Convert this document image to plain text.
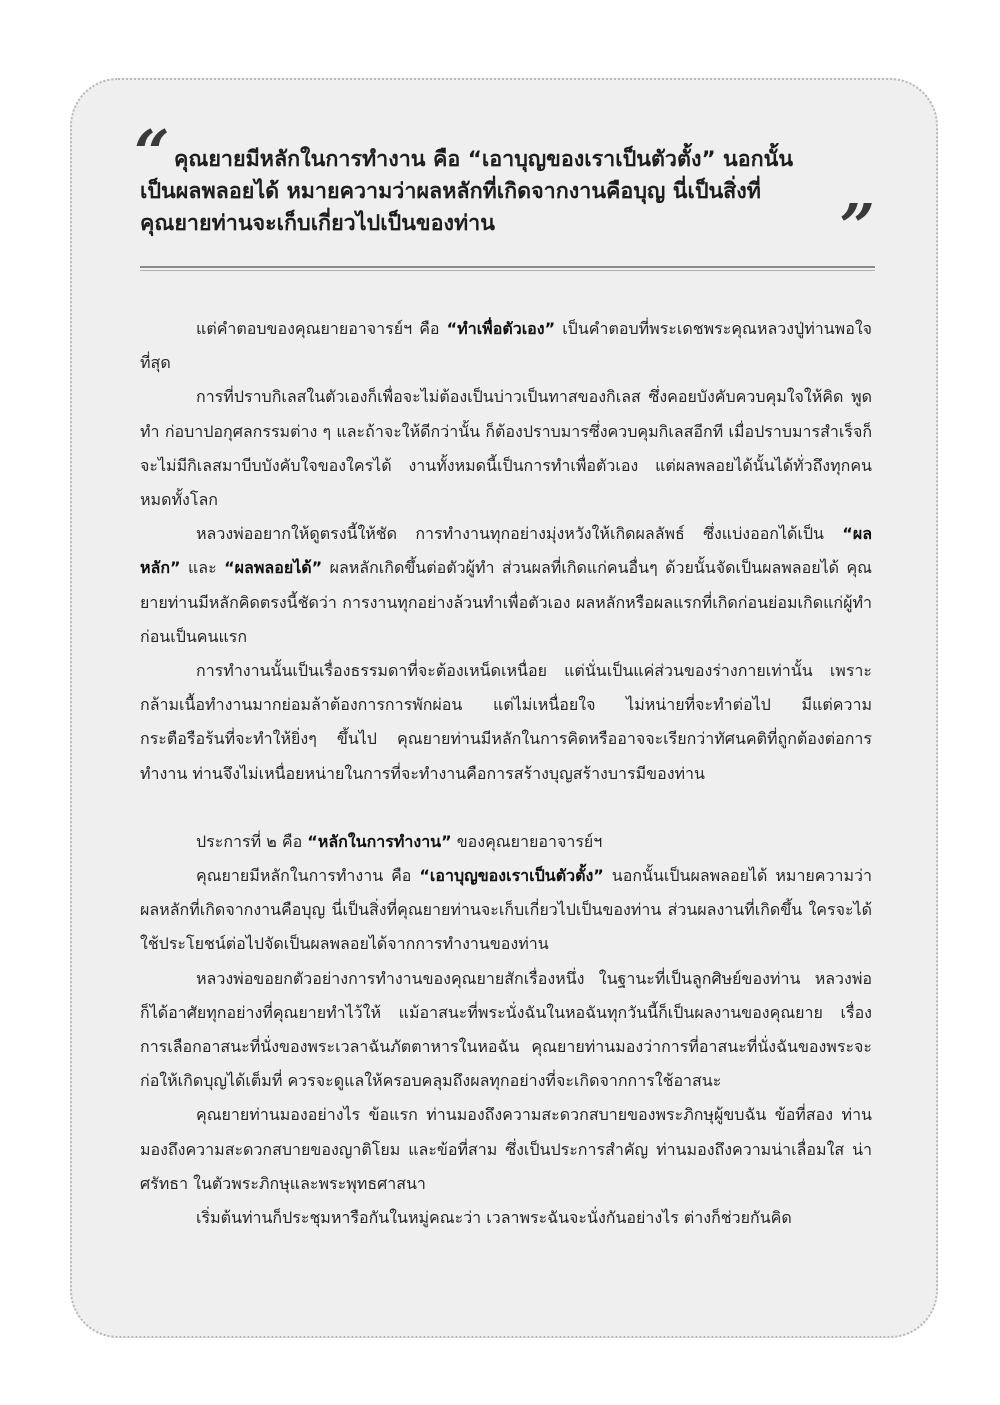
“ คุณยายมีหลักในการทำงาน คือ “เอาบุญของเราเป็นตัวตั้ง” นอกนั้น
เป็นผลพลอยได้ หมายความว่าผลหลักที่เกิดจากงานคือบุญ นี่เป็นสิ่งที่
คุณยายท่านจะเก็บเกี่ยวไปเป็นของท่าน	”

แต่คำตอบของคุณยายอาจารย์ฯ คือ “ทำเพื่อตัวเอง” เป็นคำตอบที่พระเดชพระคุณหลวงปู่ท่านพอใจที่สุด

การที่ปราบกิเลสในตัวเองก็เพื่อจะไม่ต้องเป็นบ่าวเป็นทาสของกิเลส ซึ่งคอยบังคับควบคุมใจให้คิด พูด ทำ ก่อบาปอกุศลกรรมต่าง ๆ และถ้าจะให้ดีกว่านั้น ก็ต้องปราบมารซึ่งควบคุมกิเลสอีกที เมื่อปราบมารสำเร็จก็จะไม่มีกิเลสมาบีบบังคับใจของใครได้ งานทั้งหมดนี้เป็นการทำเพื่อตัวเอง แต่ผลพลอยได้นั้นได้ทั่วถึงทุกคนหมดทั้งโลก

หลวงพ่ออยากให้ดูตรงนี้ให้ชัด การทำงานทุกอย่างมุ่งหวังให้เกิดผลลัพธ์ ซึ่งแบ่งออกได้เป็น “ผลหลัก” และ “ผลพลอยได้” ผลหลักเกิดขึ้นต่อตัวผู้ทำ ส่วนผลที่เกิดแก่คนอื่นๆ ด้วยนั้นจัดเป็นผลพลอยได้ คุณยายท่านมีหลักคิดตรงนี้ชัดว่า การงานทุกอย่างล้วนทำเพื่อตัวเอง ผลหลักหรือผลแรกที่เกิดก่อนย่อมเกิดแก่ผู้ทำก่อนเป็นคนแรก

การทำงานนั้นเป็นเรื่องธรรมดาที่จะต้องเหน็ดเหนื่อย แต่นั่นเป็นแค่ส่วนของร่างกายเท่านั้น เพราะกล้ามเนื้อทำงานมากย่อมล้าต้องการการพักผ่อน แต่ไม่เหนื่อยใจ ไม่หน่ายที่จะทำต่อไป มีแต่ความกระตือรือร้นที่จะทำให้ยิ่งๆ ขึ้นไป คุณยายท่านมีหลักในการคิดหรืออาจจะเรียกว่าทัศนคติที่ถูกต้องต่อการทำงาน ท่านจึงไม่เหนื่อยหน่ายในการที่จะทำงานคือการสร้างบุญสร้างบารมีของท่าน

ประการที่ ๒ คือ “หลักในการทำงาน” ของคุณยายอาจารย์ฯ

คุณยายมีหลักในการทำงาน คือ “เอาบุญของเราเป็นตัวตั้ง” นอกนั้นเป็นผลพลอยได้ หมายความว่าผลหลักที่เกิดจากงานคือบุญ นี่เป็นสิ่งที่คุณยายท่านจะเก็บเกี่ยวไปเป็นของท่าน ส่วนผลงานที่เกิดขึ้น ใครจะได้ใช้ประโยชน์ต่อไปจัดเป็นผลพลอยได้จากการทำงานของท่าน

หลวงพ่อขอยกตัวอย่างการทำงานของคุณยายสักเรื่องหนึ่ง ในฐานะที่เป็นลูกศิษย์ของท่าน หลวงพ่อก็ได้อาศัยทุกอย่างที่คุณยายทำไว้ให้ แม้อาสนะที่พระนั่งฉันในหอฉันทุกวันนี้ก็เป็นผลงานของคุณยาย เรื่องการเลือกอาสนะที่นั่งของพระเวลาฉันภัตตาหารในหอฉัน คุณยายท่านมองว่าการที่อาสนะที่นั่งฉันของพระจะก่อให้เกิดบุญได้เต็มที่ ควรจะดูแลให้ครอบคลุมถึงผลทุกอย่างที่จะเกิดจากการใช้อาสนะ

คุณยายท่านมองอย่างไร ข้อแรก ท่านมองถึงความสะดวกสบายของพระภิกษุผู้ขบฉัน ข้อที่สอง ท่านมองถึงความสะดวกสบายของญาติโยม และข้อที่สาม ซึ่งเป็นประการสำคัญ ท่านมองถึงความน่าเลื่อมใส น่าศรัทธา ในตัวพระภิกษุและพระพุทธศาสนา

เริ่มต้นท่านก็ประชุมหารือกันในหมู่คณะว่า เวลาพระฉันจะนั่งกันอย่างไร ต่างก็ช่วยกันคิด
